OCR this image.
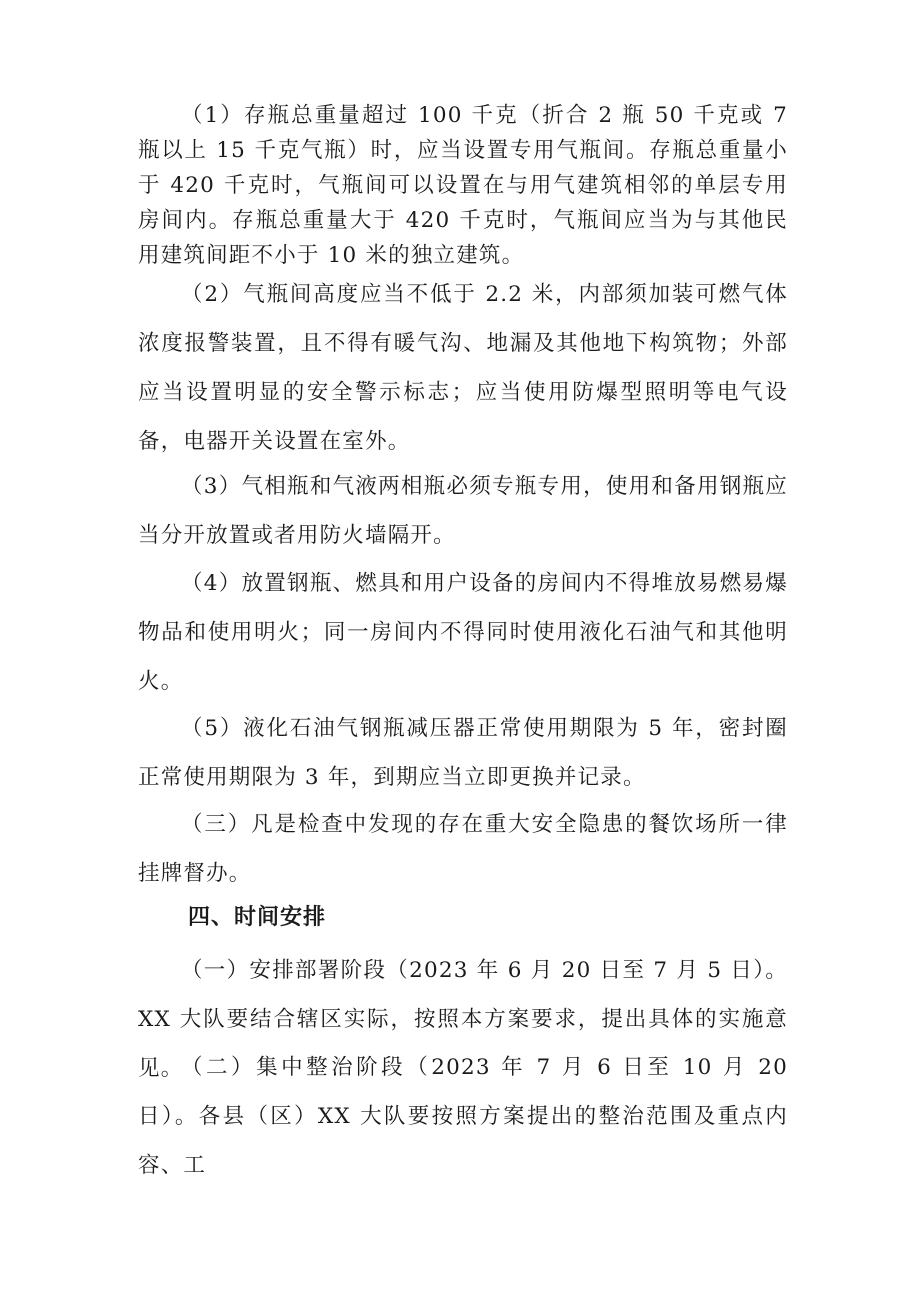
（1）存瓶总重量超过 100 千克（折合 2 瓶 50 千克或 7 瓶以上 15 千克气瓶）时，应当设置专用气瓶间。存瓶总重量小于 420 千克时，气瓶间可以设置在与用气建筑相邻的单层专用房间内。存瓶总重量大于 420 千克时，气瓶间应当为与其他民用建筑间距不小于 10 米的独立建筑。

（2）气瓶间高度应当不低于 2.2 米，内部须加装可燃气体浓度报警装置，且不得有暖气沟、地漏及其他地下构筑物；外部应当设置明显的安全警示标志；应当使用防爆型照明等电气设备，电器开关设置在室外。

（3）气相瓶和气液两相瓶必须专瓶专用，使用和备用钢瓶应当分开放置或者用防火墙隔开。

（4）放置钢瓶、燃具和用户设备的房间内不得堆放易燃易爆物品和使用明火；同一房间内不得同时使用液化石油气和其他明火。

（5）液化石油气钢瓶减压器正常使用期限为 5 年，密封圈正常使用期限为 3 年，到期应当立即更换并记录。

（三）凡是检查中发现的存在重大安全隐患的餐饮场所一律挂牌督办。

四、时间安排

（一）安排部署阶段（2023 年 6 月 20 日至 7 月 5 日）。XX 大队要结合辖区实际，按照本方案要求，提出具体的实施意见。

（二）集中整治阶段（2023 年 7 月 6 日至 10 月 20 日）。各县（区）XX 大队要按照方案提出的整治范围及重点内容、工
